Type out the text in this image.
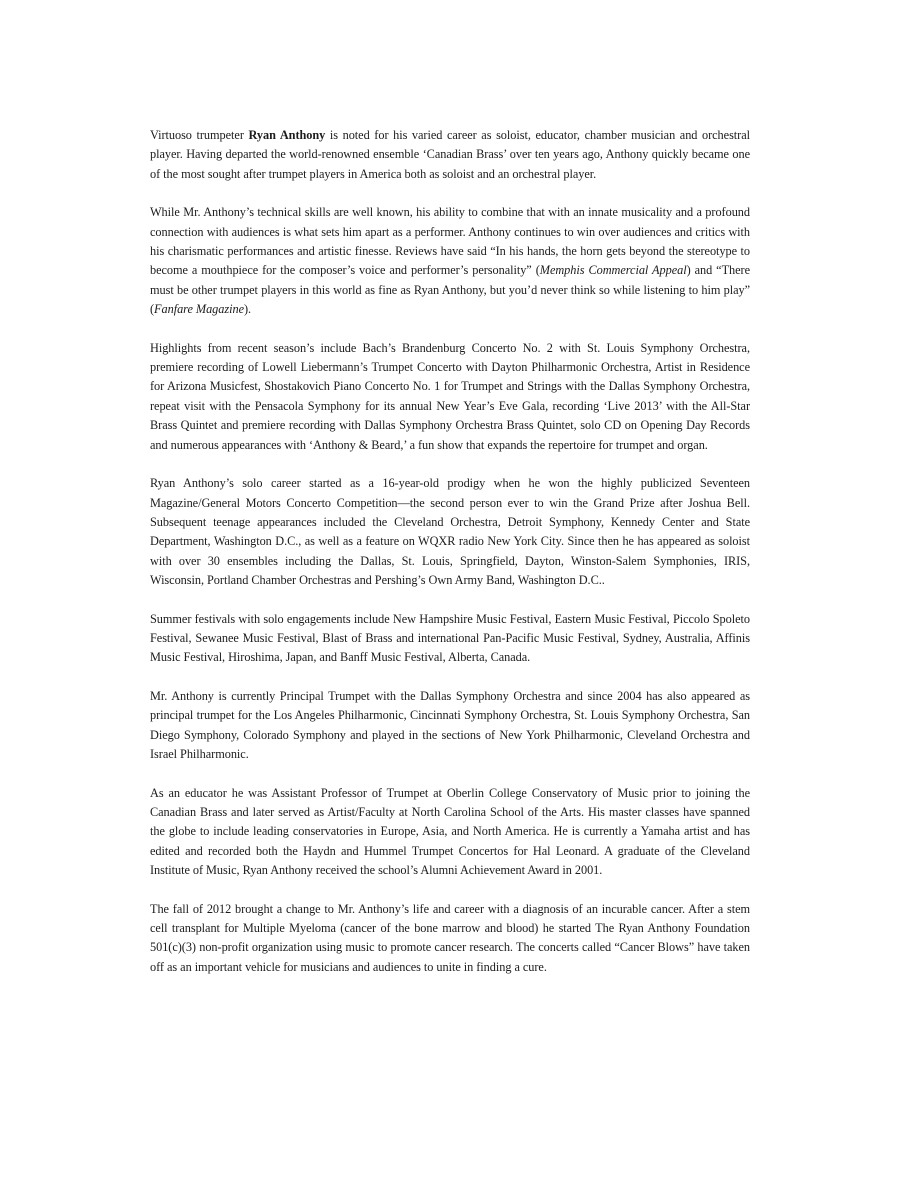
Virtuoso trumpeter Ryan Anthony is noted for his varied career as soloist, educator, chamber musician and orchestral player. Having departed the world-renowned ensemble ‘Canadian Brass’ over ten years ago, Anthony quickly became one of the most sought after trumpet players in America both as soloist and an orchestral player.

While Mr. Anthony’s technical skills are well known, his ability to combine that with an innate musicality and a profound connection with audiences is what sets him apart as a performer. Anthony continues to win over audiences and critics with his charismatic performances and artistic finesse. Reviews have said “In his hands, the horn gets beyond the stereotype to become a mouthpiece for the composer’s voice and performer’s personality” (Memphis Commercial Appeal) and “There must be other trumpet players in this world as fine as Ryan Anthony, but you’d never think so while listening to him play” (Fanfare Magazine).

Highlights from recent season’s include Bach’s Brandenburg Concerto No. 2 with St. Louis Symphony Orchestra, premiere recording of Lowell Liebermann’s Trumpet Concerto with Dayton Philharmonic Orchestra, Artist in Residence for Arizona Musicfest, Shostakovich Piano Concerto No. 1 for Trumpet and Strings with the Dallas Symphony Orchestra, repeat visit with the Pensacola Symphony for its annual New Year’s Eve Gala, recording ‘Live 2013’ with the All-Star Brass Quintet and premiere recording with Dallas Symphony Orchestra Brass Quintet, solo CD on Opening Day Records and numerous appearances with ‘Anthony & Beard,’ a fun show that expands the repertoire for trumpet and organ.

Ryan Anthony’s solo career started as a 16-year-old prodigy when he won the highly publicized Seventeen Magazine/General Motors Concerto Competition—the second person ever to win the Grand Prize after Joshua Bell. Subsequent teenage appearances included the Cleveland Orchestra, Detroit Symphony, Kennedy Center and State Department, Washington D.C., as well as a feature on WQXR radio New York City. Since then he has appeared as soloist with over 30 ensembles including the Dallas, St. Louis, Springfield, Dayton, Winston-Salem Symphonies, IRIS, Wisconsin, Portland Chamber Orchestras and Pershing’s Own Army Band, Washington D.C..

Summer festivals with solo engagements include New Hampshire Music Festival, Eastern Music Festival, Piccolo Spoleto Festival, Sewanee Music Festival, Blast of Brass and international Pan-Pacific Music Festival, Sydney, Australia, Affinis Music Festival, Hiroshima, Japan, and Banff Music Festival, Alberta, Canada.

Mr. Anthony is currently Principal Trumpet with the Dallas Symphony Orchestra and since 2004 has also appeared as principal trumpet for the Los Angeles Philharmonic, Cincinnati Symphony Orchestra, St. Louis Symphony Orchestra, San Diego Symphony, Colorado Symphony and played in the sections of New York Philharmonic, Cleveland Orchestra and Israel Philharmonic.

As an educator he was Assistant Professor of Trumpet at Oberlin College Conservatory of Music prior to joining the Canadian Brass and later served as Artist/Faculty at North Carolina School of the Arts. His master classes have spanned the globe to include leading conservatories in Europe, Asia, and North America. He is currently a Yamaha artist and has edited and recorded both the Haydn and Hummel Trumpet Concertos for Hal Leonard. A graduate of the Cleveland Institute of Music, Ryan Anthony received the school’s Alumni Achievement Award in 2001.

The fall of 2012 brought a change to Mr. Anthony’s life and career with a diagnosis of an incurable cancer. After a stem cell transplant for Multiple Myeloma (cancer of the bone marrow and blood) he started The Ryan Anthony Foundation 501(c)(3) non-profit organization using music to promote cancer research. The concerts called “Cancer Blows” have taken off as an important vehicle for musicians and audiences to unite in finding a cure.
